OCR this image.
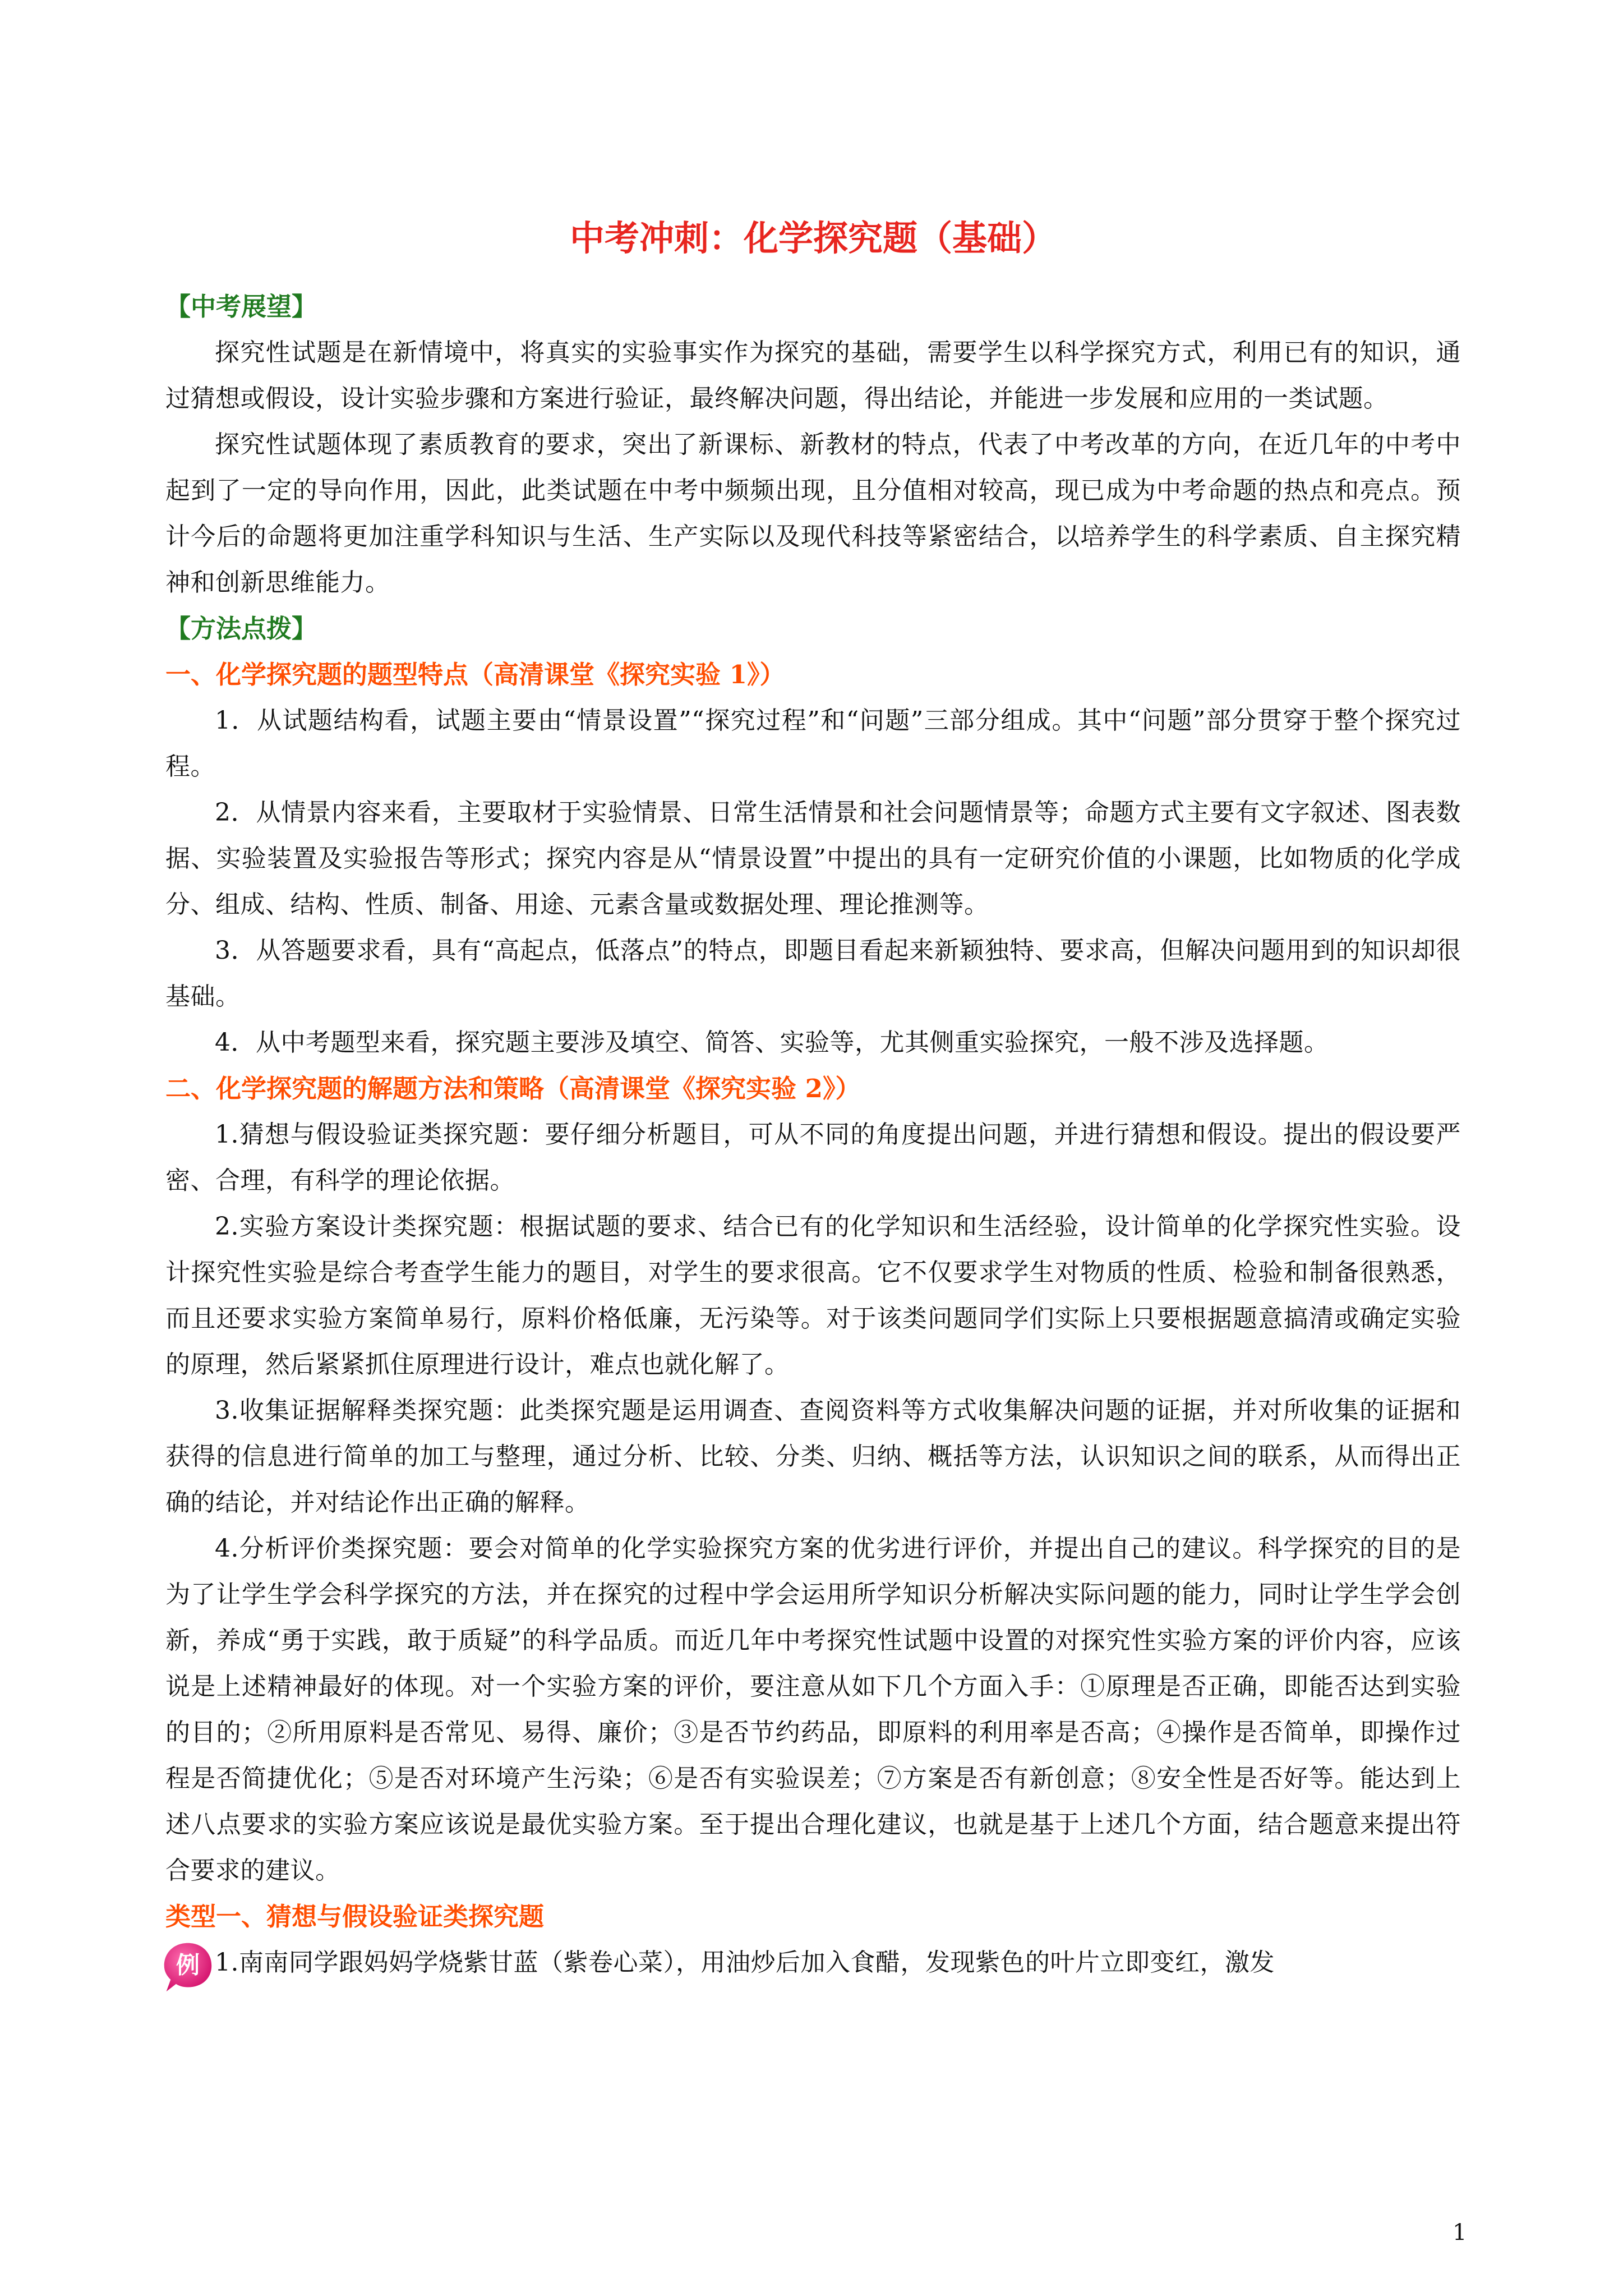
中考冲刺：化学探究题（基础）

【中考展望】

探究性试题是在新情境中，将真实的实验事实作为探究的基础，需要学生以科学探究方式，利用已有的知识，通过猜想或假设，设计实验步骤和方案进行验证，最终解决问题，得出结论，并能进一步发展和应用的一类试题。

探究性试题体现了素质教育的要求，突出了新课标、新教材的特点，代表了中考改革的方向，在近几年的中考中起到了一定的导向作用，因此，此类试题在中考中频频出现，且分值相对较高，现已成为中考命题的热点和亮点。预计今后的命题将更加注重学科知识与生活、生产实际以及现代科技等紧密结合，以培养学生的科学素质、自主探究精神和创新思维能力。

【方法点拨】

一、化学探究题的题型特点（高清课堂《探究实验 1》）

1．从试题结构看，试题主要由“情景设置”“探究过程”和“问题”三部分组成。其中“问题”部分贯穿于整个探究过程。

2．从情景内容来看，主要取材于实验情景、日常生活情景和社会问题情景等；命题方式主要有文字叙述、图表数据、实验装置及实验报告等形式；探究内容是从“情景设置”中提出的具有一定研究价值的小课题，比如物质的化学成分、组成、结构、性质、制备、用途、元素含量或数据处理、理论推测等。

3．从答题要求看，具有“高起点，低落点”的特点，即题目看起来新颖独特、要求高，但解决问题用到的知识却很基础。

4．从中考题型来看，探究题主要涉及填空、简答、实验等，尤其侧重实验探究，一般不涉及选择题。

二、化学探究题的解题方法和策略（高清课堂《探究实验 2》）

1.猜想与假设验证类探究题：要仔细分析题目，可从不同的角度提出问题，并进行猜想和假设。提出的假设要严密、合理，有科学的理论依据。

2.实验方案设计类探究题：根据试题的要求、结合已有的化学知识和生活经验，设计简单的化学探究性实验。设计探究性实验是综合考查学生能力的题目，对学生的要求很高。它不仅要求学生对物质的性质、检验和制备很熟悉，而且还要求实验方案简单易行，原料价格低廉，无污染等。对于该类问题同学们实际上只要根据题意搞清或确定实验的原理，然后紧紧抓住原理进行设计，难点也就化解了。

3.收集证据解释类探究题：此类探究题是运用调查、查阅资料等方式收集解决问题的证据，并对所收集的证据和获得的信息进行简单的加工与整理，通过分析、比较、分类、归纳、概括等方法，认识知识之间的联系，从而得出正确的结论，并对结论作出正确的解释。

4.分析评价类探究题：要会对简单的化学实验探究方案的优劣进行评价，并提出自己的建议。科学探究的目的是为了让学生学会科学探究的方法，并在探究的过程中学会运用所学知识分析解决实际问题的能力，同时让学生学会创新，养成“勇于实践，敢于质疑”的科学品质。而近几年中考探究性试题中设置的对探究性实验方案的评价内容，应该说是上述精神最好的体现。对一个实验方案的评价，要注意从如下几个方面入手：①原理是否正确，即能否达到实验的目的；②所用原料是否常见、易得、廉价；③是否节约药品，即原料的利用率是否高；④操作是否简单，即操作过程是否简捷优化；⑤是否对环境产生污染；⑥是否有实验误差；⑦方案是否有新创意；⑧安全性是否好等。能达到上述八点要求的实验方案应该说是最优实验方案。至于提出合理化建议，也就是基于上述几个方面，结合题意来提出符合要求的建议。

类型一、猜想与假设验证类探究题

例 1.南南同学跟妈妈学烧紫甘蓝（紫卷心菜），用油炒后加入食醋，发现紫色的叶片立即变红，激发

1
